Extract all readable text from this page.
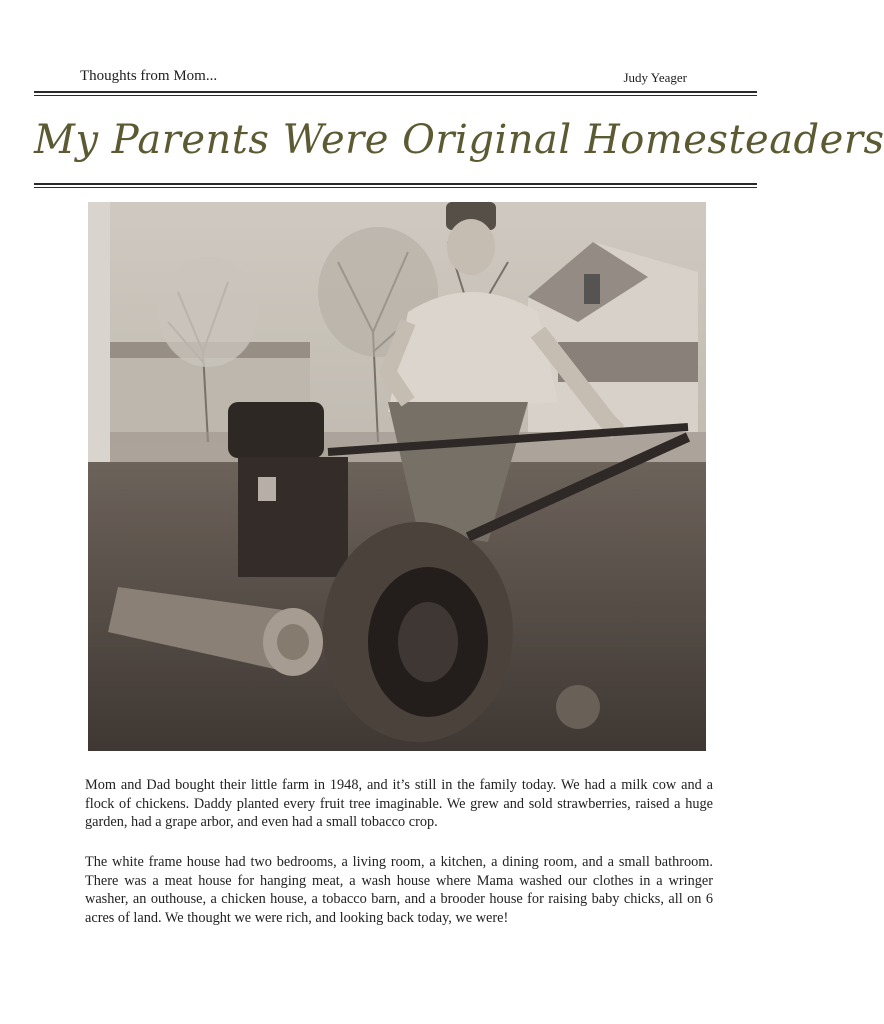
Thoughts from Mom...	Judy Yeager
My Parents Were Original Homesteaders
Mom and Dad bought their little farm in 1948, and it’s still in the family today. We had a milk cow and a flock of chickens. Daddy planted every fruit tree imaginable. We grew and sold strawberries, raised a huge garden, had a grape arbor, and even had a small tobacco crop.
The white frame house had two bedrooms, a living room, a kitchen, a dining room, and a small bathroom. There was a meat house for hanging meat, a wash house where Mama washed our clothes in a wringer washer, an outhouse, a chicken house, a tobacco barn, and a brooder house for raising baby chicks, all on 6 acres of land. We thought we were rich, and looking back today, we were!
